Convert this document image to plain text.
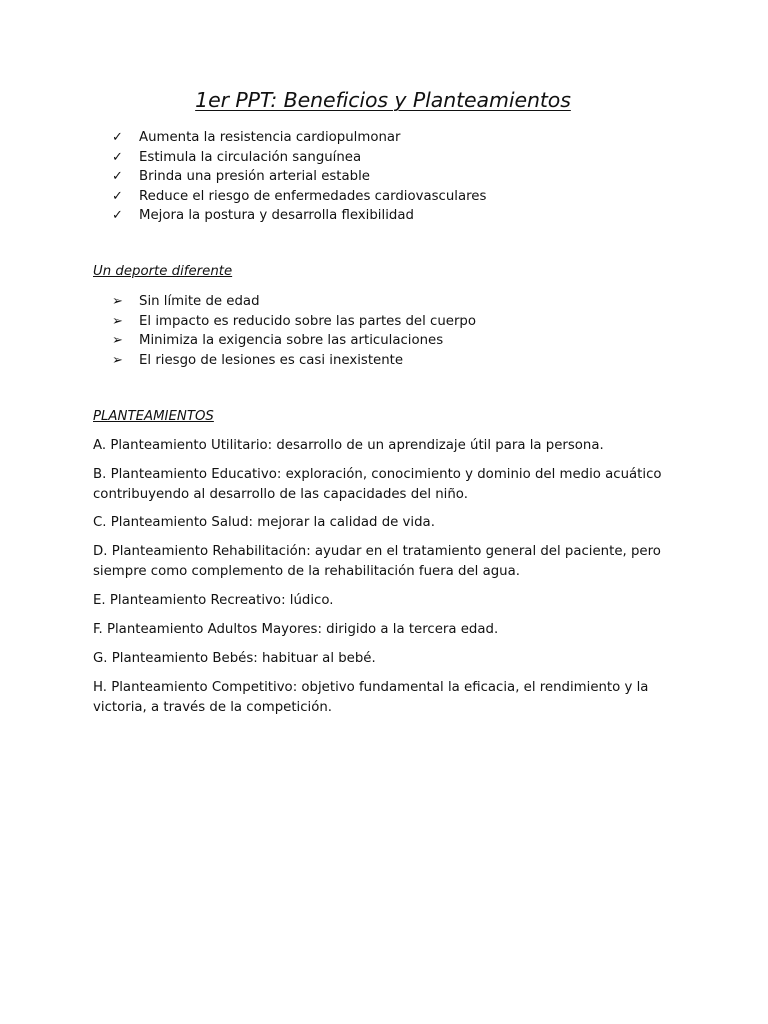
1er PPT: Beneficios y Planteamientos
✓	Aumenta la resistencia cardiopulmonar
✓	Estimula la circulación sanguínea
✓	Brinda una presión arterial estable
✓	Reduce el riesgo de enfermedades cardiovasculares
✓	Mejora la postura y desarrolla flexibilidad

Un deporte diferente

➢	Sin límite de edad
➢	El impacto es reducido sobre las partes del cuerpo
➢	Minimiza la exigencia sobre las articulaciones
➢	El riesgo de lesiones es casi inexistente

PLANTEAMIENTOS

A. Planteamiento Utilitario: desarrollo de un aprendizaje útil para la persona.

B. Planteamiento Educativo: exploración, conocimiento y dominio del medio acuático contribuyendo al desarrollo de las capacidades del niño.

C. Planteamiento Salud: mejorar la calidad de vida.

D. Planteamiento Rehabilitación: ayudar en el tratamiento general del paciente, pero siempre como complemento de la rehabilitación fuera del agua.

E. Planteamiento Recreativo: lúdico.

F. Planteamiento Adultos Mayores: dirigido a la tercera edad.

G. Planteamiento Bebés: habituar al bebé.

H. Planteamiento Competitivo: objetivo fundamental la eficacia, el rendimiento y la victoria, a través de la competición.
